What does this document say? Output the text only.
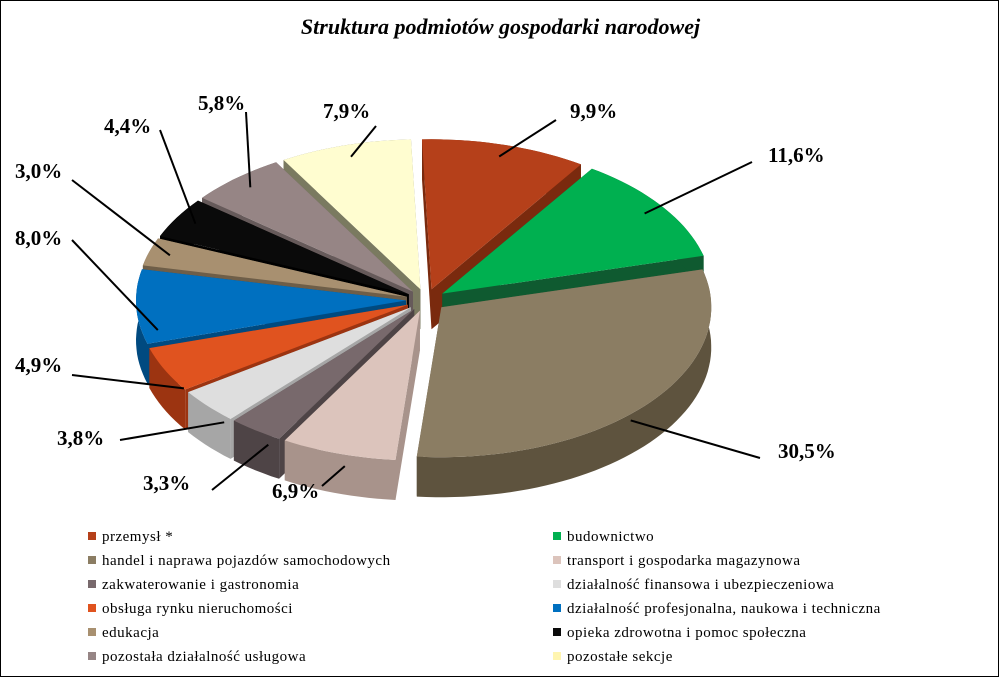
Struktura podmiotów gospodarki narodowej
9,9%
11,6%
30,5%
6,9%
3,3%
3,8%
4,9%
8,0%
3,0%
4,4%
5,8%	7,9%
przemysł *	budownictwo
handel i naprawa pojazdów samochodowych	transport i gospodarka magazynowa
zakwaterowanie i gastronomia	działalność finansowa i ubezpieczeniowa
obsługa rynku nieruchomości	działalność profesjonalna, naukowa i techniczna
edukacja	opieka zdrowotna i pomoc społeczna
pozostała działalność usługowa	pozostałe sekcje
